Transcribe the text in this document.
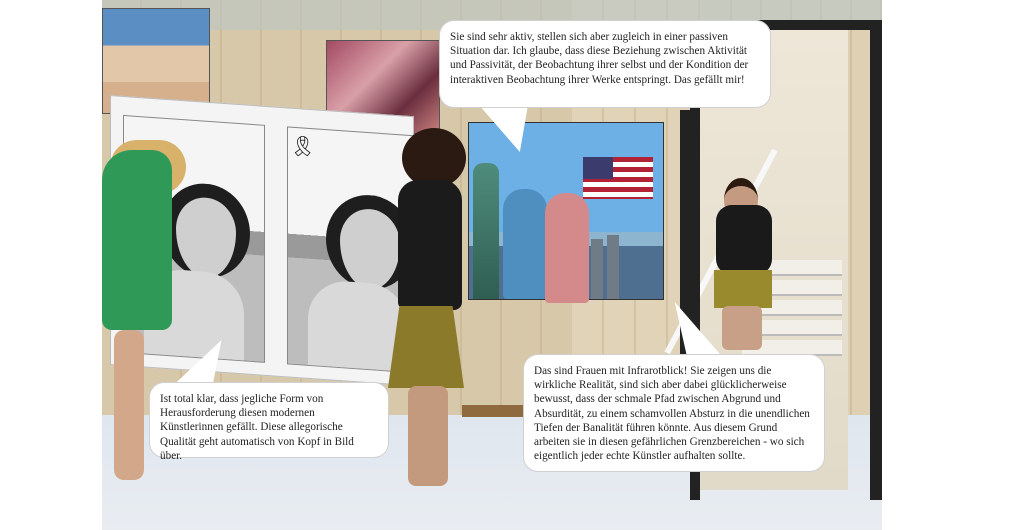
🎗

Sie sind sehr aktiv, stellen sich aber zugleich in einer passiven Situation dar. Ich glaube, dass diese Beziehung zwischen Aktivität und Passivität, der Beobachtung ihrer selbst und der Kondition der interaktiven Beobachtung ihrer Werke entspringt. Das gefällt mir!

Ist total klar, dass jegliche Form von Herausforderung diesen modernen Künstlerinnen gefällt. Diese allegorische Qualität geht automatisch von Kopf in Bild über.

Das sind Frauen mit Infrarotblick! Sie zeigen uns die wirkliche Realität, sind sich aber dabei glücklicherweise bewusst, dass der schmale Pfad zwischen Abgrund und Absurdität, zu einem schamvollen Absturz in die unendlichen Tiefen der Banalität führen könnte. Aus diesem Grund arbeiten sie in diesen gefährlichen Grenzbereichen - wo sich eigentlich jeder echte Künstler aufhalten sollte.
